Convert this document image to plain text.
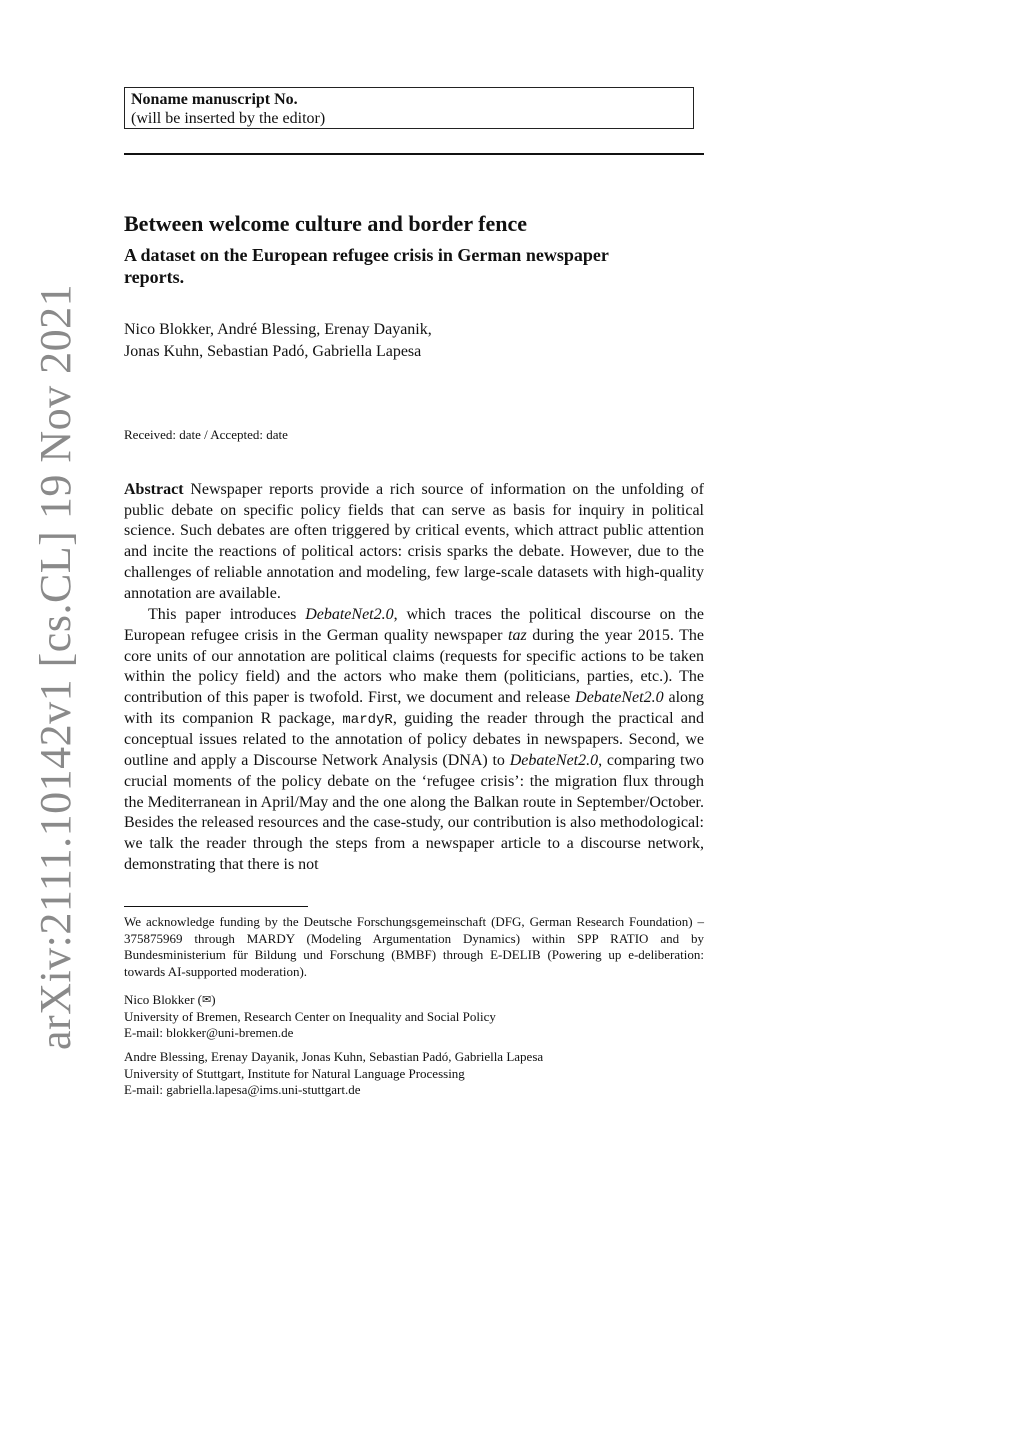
arXiv:2111.10142v1 [cs.CL] 19 Nov 2021
Noname manuscript No.
(will be inserted by the editor)
Between welcome culture and border fence
A dataset on the European refugee crisis in German newspaper reports.
Nico Blokker, André Blessing, Erenay Dayanik,
Jonas Kuhn, Sebastian Padó, Gabriella Lapesa
Received: date / Accepted: date

Abstract Newspaper reports provide a rich source of information on the unfolding of public debate on specific policy fields that can serve as basis for inquiry in political science. Such debates are often triggered by critical events, which attract public attention and incite the reactions of political actors: crisis sparks the debate. However, due to the challenges of reliable annotation and modeling, few large-scale datasets with high-quality annotation are available.

This paper introduces DebateNet2.0, which traces the political discourse on the European refugee crisis in the German quality newspaper taz during the year 2015. The core units of our annotation are political claims (requests for specific actions to be taken within the policy field) and the actors who make them (politicians, parties, etc.). The contribution of this paper is twofold. First, we document and release DebateNet2.0 along with its companion R package, mardyR, guiding the reader through the practical and conceptual issues related to the annotation of policy debates in newspapers. Second, we outline and apply a Discourse Network Analysis (DNA) to DebateNet2.0, comparing two crucial moments of the policy debate on the ‘refugee crisis’: the migration flux through the Mediterranean in April/May and the one along the Balkan route in September/October. Besides the released resources and the case-study, our contribution is also methodological: we talk the reader through the steps from a newspaper article to a discourse network, demonstrating that there is not

We acknowledge funding by the Deutsche Forschungsgemeinschaft (DFG, German Research Foundation) – 375875969 through MARDY (Modeling Argumentation Dynamics) within SPP RATIO and by Bundesministerium für Bildung und Forschung (BMBF) through E-DELIB (Powering up e-deliberation: towards AI-supported moderation).
Nico Blokker (✉)
University of Bremen, Research Center on Inequality and Social Policy
E-mail: blokker@uni-bremen.de
Andre Blessing, Erenay Dayanik, Jonas Kuhn, Sebastian Padó, Gabriella Lapesa
University of Stuttgart, Institute for Natural Language Processing
E-mail: gabriella.lapesa@ims.uni-stuttgart.de
